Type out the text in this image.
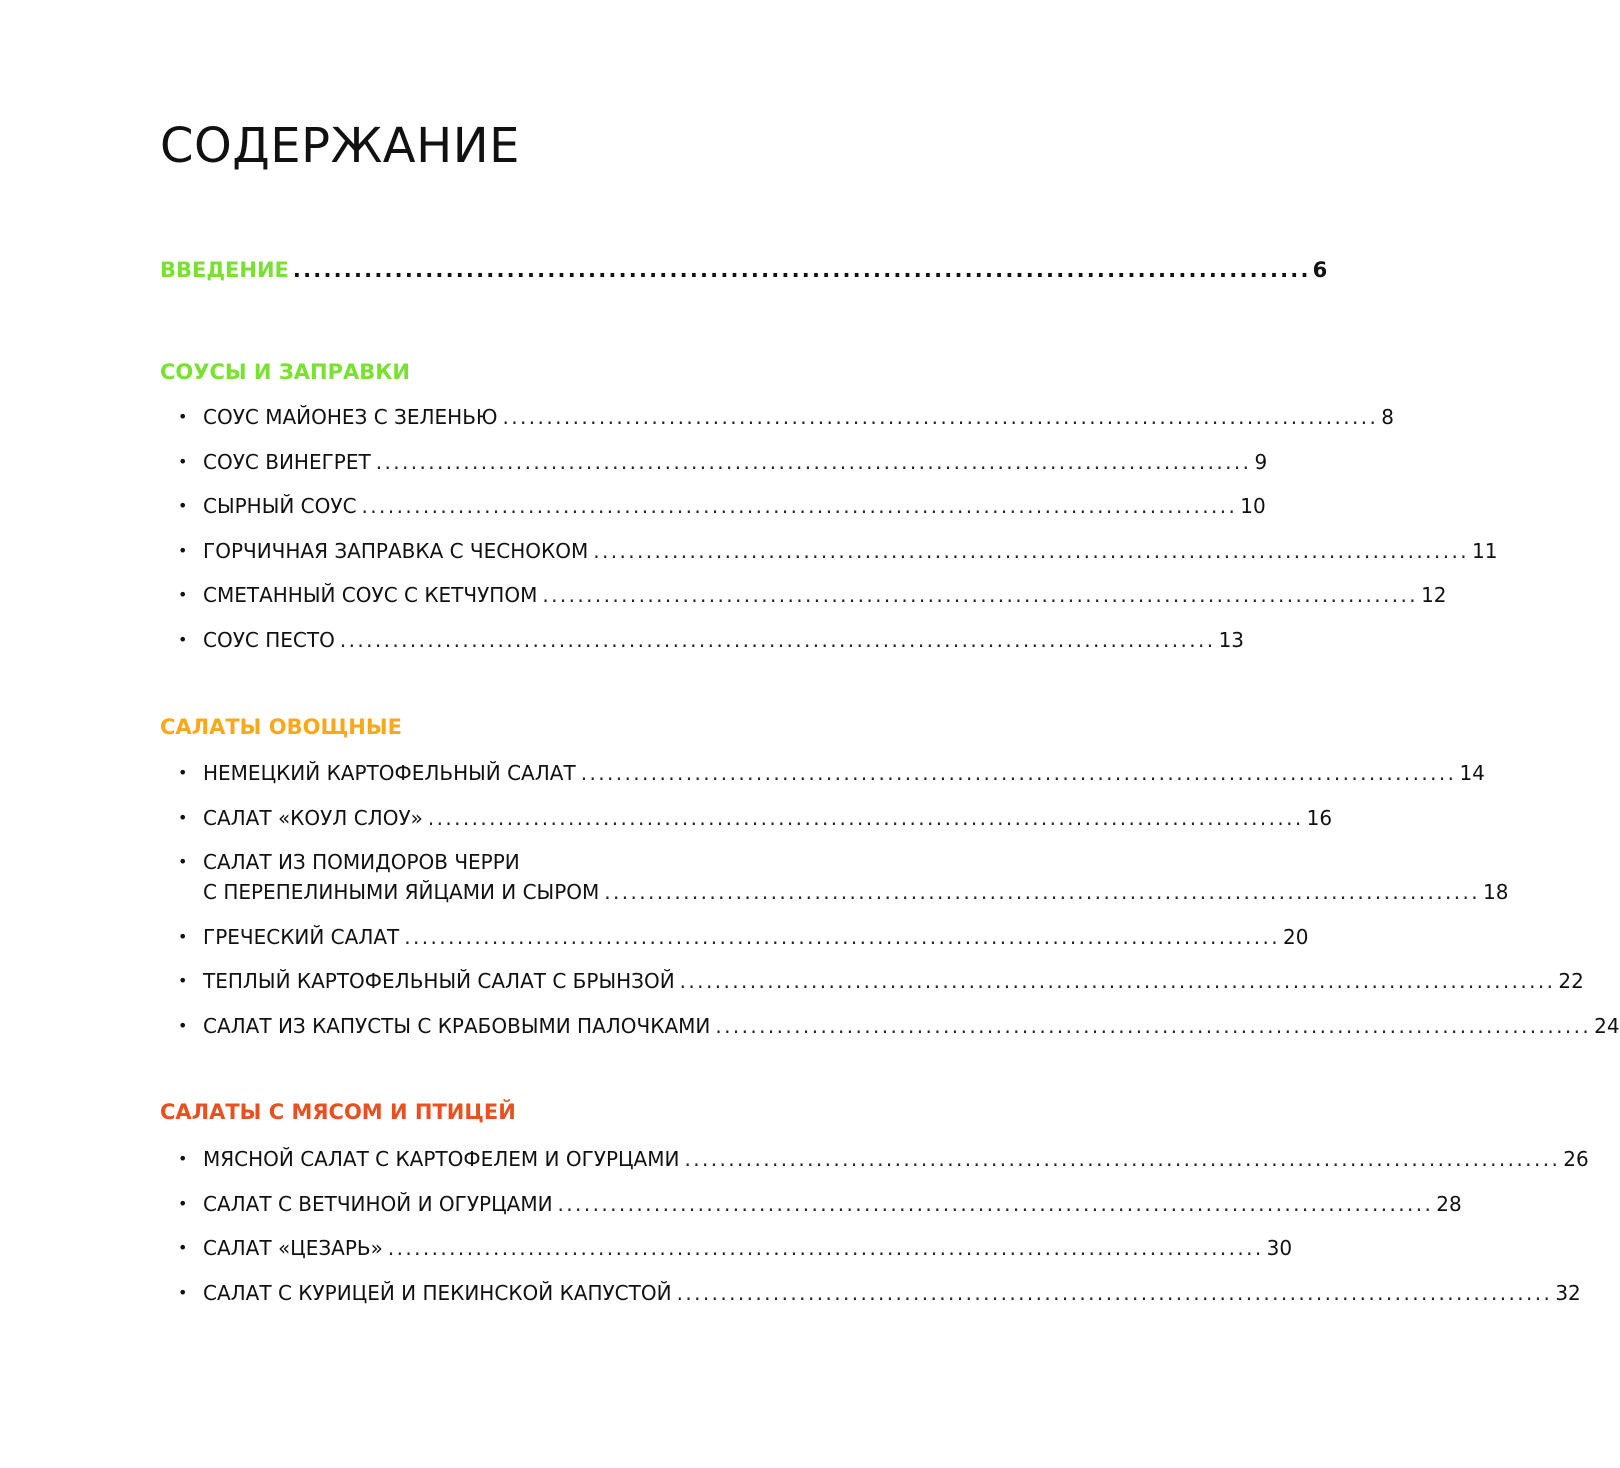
СОДЕРЖАНИЕ
ВВЕДЕНИЕ .................................................................................................... 6
СОУСЫ И ЗАПРАВКИ
• СОУС МАЙОНЕЗ С ЗЕЛЕНЬЮ .................................................................................................... 8
• СОУС ВИНЕГРЕТ .................................................................................................... 9
• СЫРНЫЙ СОУС .................................................................................................... 10
• ГОРЧИЧНАЯ ЗАПРАВКА С ЧЕСНОКОМ .................................................................................................... 11
• СМЕТАННЫЙ СОУС С КЕТЧУПОМ .................................................................................................... 12
• СОУС ПЕСТО .................................................................................................... 13
САЛАТЫ ОВОЩНЫЕ
• НЕМЕЦКИЙ КАРТОФЕЛЬНЫЙ САЛАТ .................................................................................................... 14
• САЛАТ «КОУЛ СЛОУ» .................................................................................................... 16
• САЛАТ ИЗ ПОМИДОРОВ ЧЕРРИ
С ПЕРЕПЕЛИНЫМИ ЯЙЦАМИ И СЫРОМ .................................................................................................... 18
• ГРЕЧЕСКИЙ САЛАТ .................................................................................................... 20
• ТЕПЛЫЙ КАРТОФЕЛЬНЫЙ САЛАТ С БРЫНЗОЙ .................................................................................................... 22
• САЛАТ ИЗ КАПУСТЫ С КРАБОВЫМИ ПАЛОЧКАМИ .................................................................................................... 24
САЛАТЫ С МЯСОМ И ПТИЦЕЙ
• МЯСНОЙ САЛАТ С КАРТОФЕЛЕМ И ОГУРЦАМИ .................................................................................................... 26
• САЛАТ С ВЕТЧИНОЙ И ОГУРЦАМИ .................................................................................................... 28
• САЛАТ «ЦЕЗАРЬ» .................................................................................................... 30
• САЛАТ С КУРИЦЕЙ И ПЕКИНСКОЙ КАПУСТОЙ .................................................................................................... 32
